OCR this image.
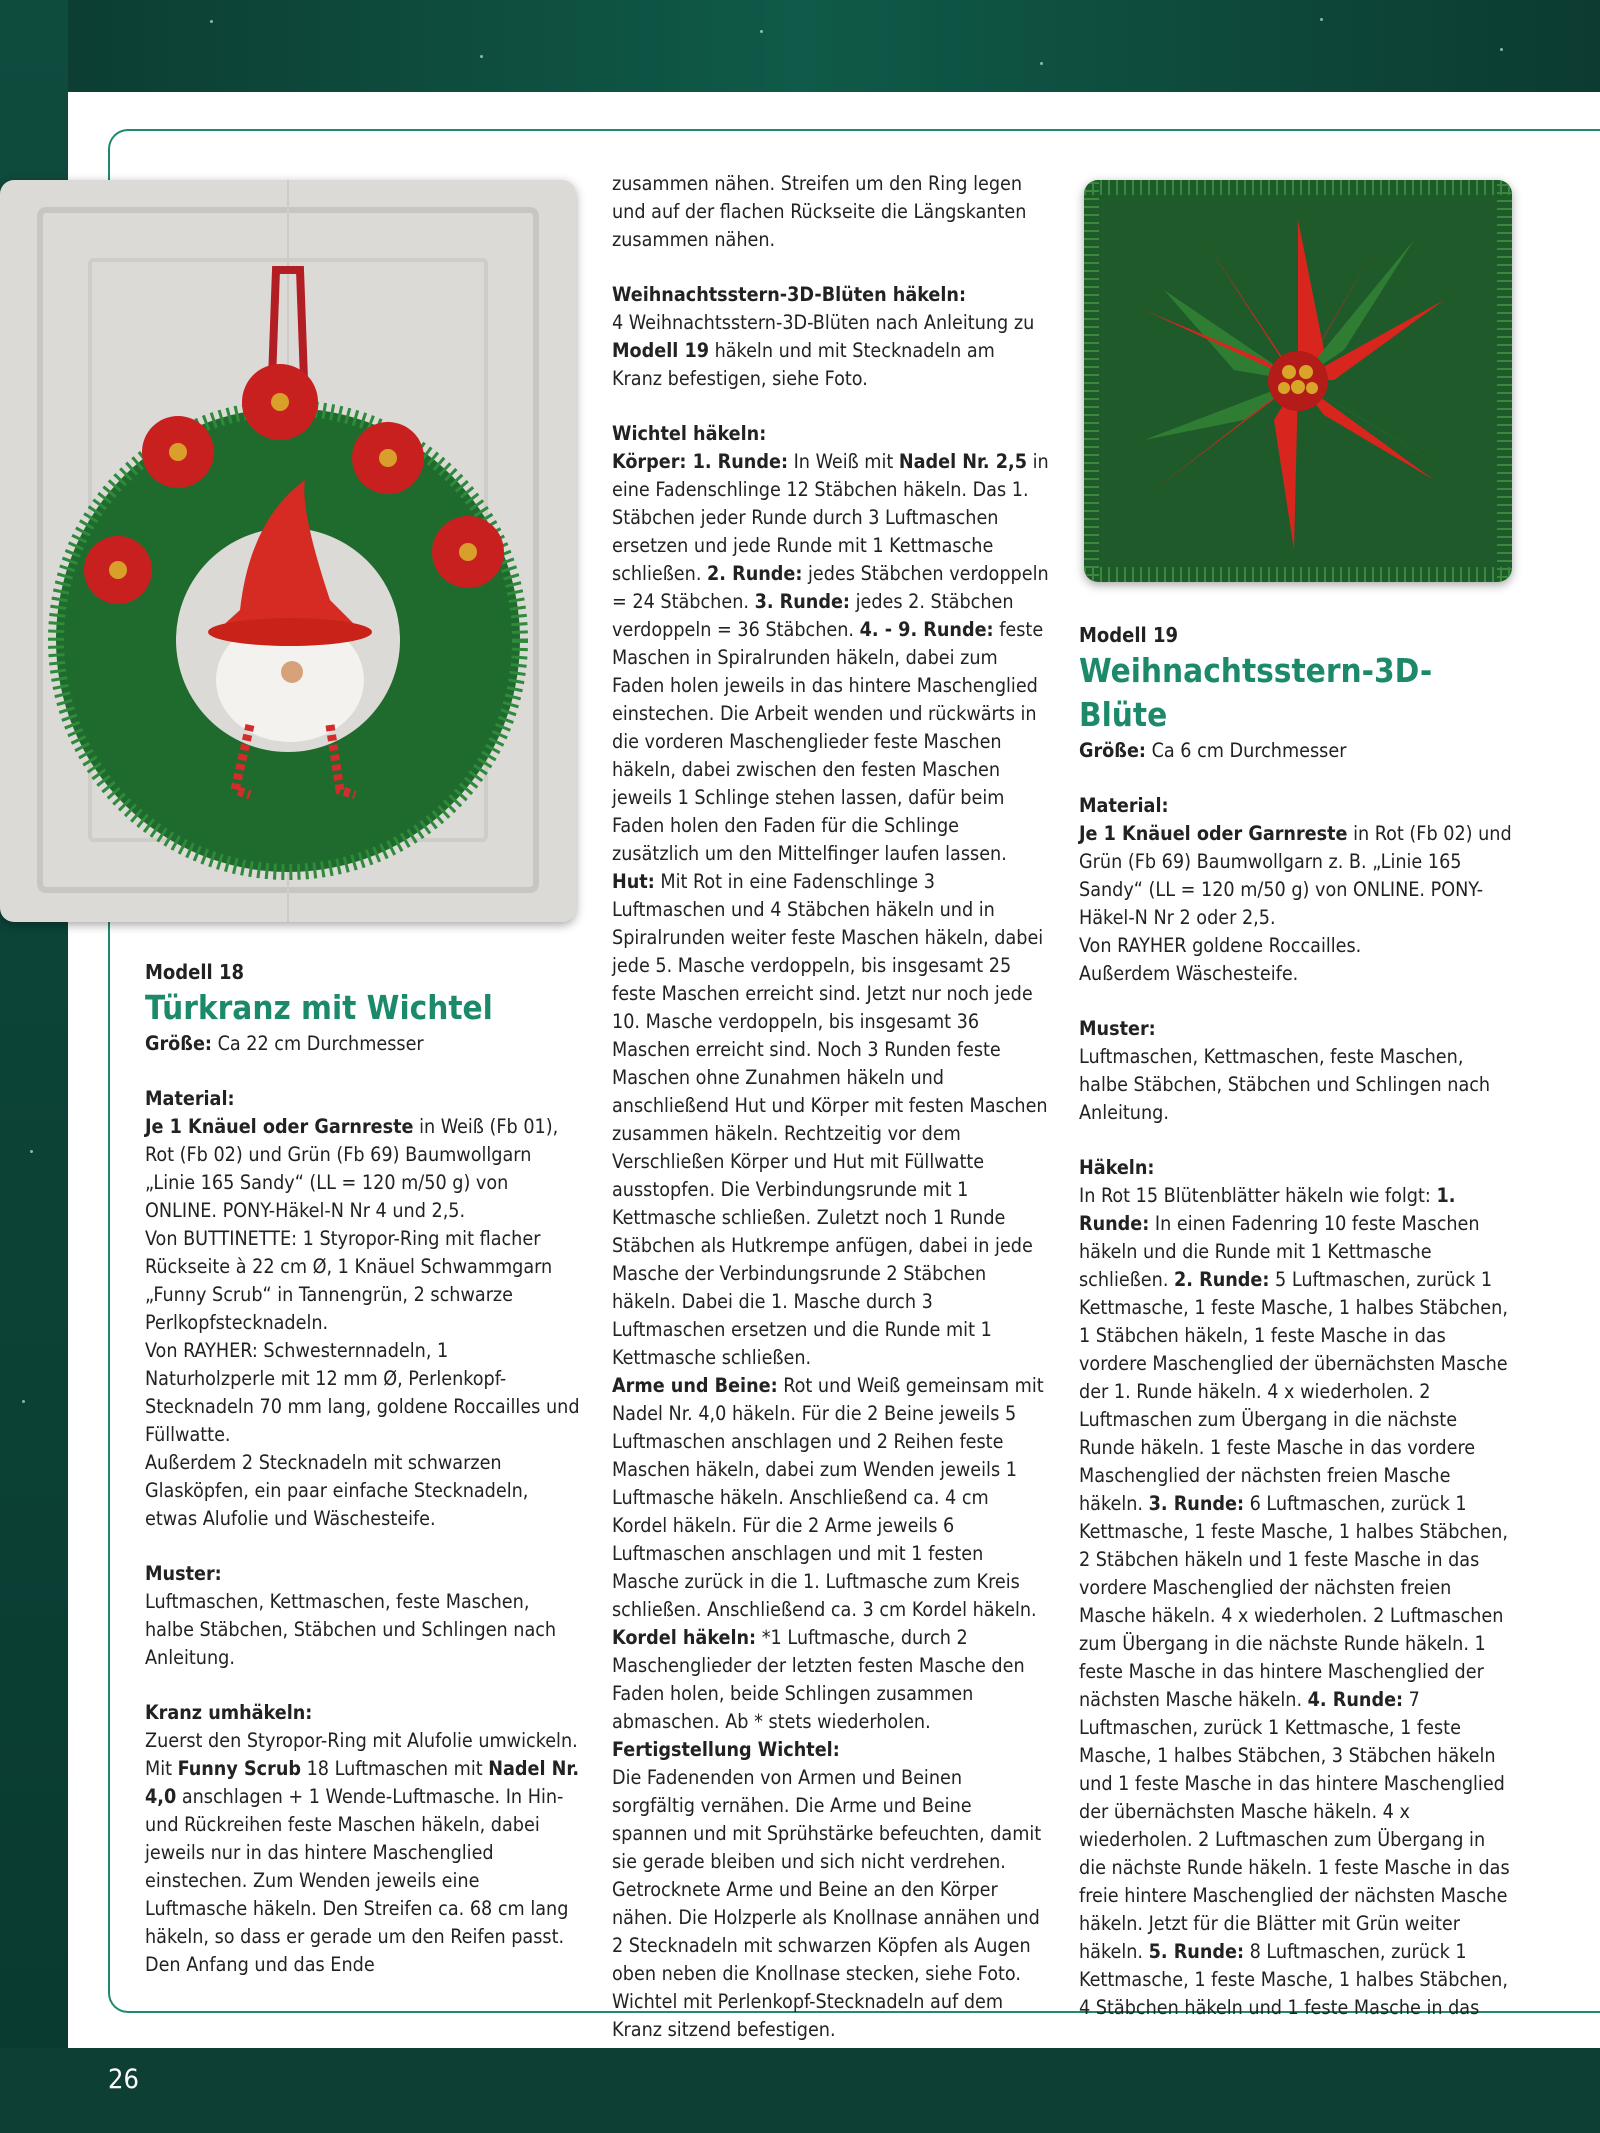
Modell 18

Türkranz mit Wichtel

Größe: Ca 22 cm Durchmesser

Material:

Je 1 Knäuel oder Garnreste in Weiß (Fb 01), Rot (Fb 02) und Grün (Fb 69) Baumwollgarn „Linie 165 Sandy“ (LL = 120 m/50 g) von ONLINE. PONY-Häkel-N Nr 4 und 2,5.

Von BUTTINETTE: 1 Styropor-Ring mit flacher Rückseite à 22 cm Ø, 1 Knäuel Schwammgarn „Funny Scrub“ in Tannengrün, 2 schwarze Perlkopfstecknadeln.

Von RAYHER: Schwesternnadeln, 1 Naturholzperle mit 12 mm Ø, Perlenkopf-Stecknadeln 70 mm lang, goldene Roccailles und Füllwatte.

Außerdem 2 Stecknadeln mit schwarzen Glasköpfen, ein paar einfache Stecknadeln, etwas Alufolie und Wäschesteife.

Muster:

Luftmaschen, Kettmaschen, feste Maschen, halbe Stäbchen, Stäbchen und Schlingen nach Anleitung.

Kranz umhäkeln:

Zuerst den Styropor-Ring mit Alufolie umwickeln. Mit Funny Scrub 18 Luftmaschen mit Nadel Nr. 4,0 anschlagen + 1 Wende-Luftmasche. In Hin- und Rückreihen feste Maschen häkeln, dabei jeweils nur in das hintere Maschenglied einstechen. Zum Wenden jeweils eine Luftmasche häkeln. Den Streifen ca. 68 cm lang häkeln, so dass er gerade um den Reifen passt. Den Anfang und das Ende

zusammen nähen. Streifen um den Ring legen und auf der flachen Rückseite die Längskanten zusammen nähen.

Weihnachtsstern-3D-Blüten häkeln:

4 Weihnachtsstern-3D-Blüten nach Anleitung zu Modell 19 häkeln und mit Stecknadeln am Kranz befestigen, siehe Foto.

Wichtel häkeln:

Körper: 1. Runde: In Weiß mit Nadel Nr. 2,5 in eine Fadenschlinge 12 Stäbchen häkeln. Das 1. Stäbchen jeder Runde durch 3 Luftmaschen ersetzen und jede Runde mit 1 Kettmasche schließen. 2. Runde: jedes Stäbchen verdoppeln = 24 Stäbchen. 3. Runde: jedes 2. Stäbchen verdoppeln = 36 Stäbchen. 4. - 9. Runde: feste Maschen in Spiralrunden häkeln, dabei zum Faden holen jeweils in das hintere Maschenglied einstechen. Die Arbeit wenden und rückwärts in die vorderen Maschenglieder feste Maschen häkeln, dabei zwischen den festen Maschen jeweils 1 Schlinge stehen lassen, dafür beim Faden holen den Faden für die Schlinge zusätzlich um den Mittelfinger laufen lassen.

Hut: Mit Rot in eine Fadenschlinge 3 Luftmaschen und 4 Stäbchen häkeln und in Spiralrunden weiter feste Maschen häkeln, dabei jede 5. Masche verdoppeln, bis insgesamt 25 feste Maschen erreicht sind. Jetzt nur noch jede 10. Masche verdoppeln, bis insgesamt 36 Maschen erreicht sind. Noch 3 Runden feste Maschen ohne Zunahmen häkeln und anschließend Hut und Körper mit festen Maschen zusammen häkeln. Rechtzeitig vor dem Verschließen Körper und Hut mit Füllwatte ausstopfen. Die Verbindungsrunde mit 1 Kettmasche schließen. Zuletzt noch 1 Runde Stäbchen als Hutkrempe anfügen, dabei in jede Masche der Verbindungsrunde 2 Stäbchen häkeln. Dabei die 1. Masche durch 3 Luftmaschen ersetzen und die Runde mit 1 Kettmasche schließen.

Arme und Beine: Rot und Weiß gemeinsam mit Nadel Nr. 4,0 häkeln. Für die 2 Beine jeweils 5 Luftmaschen anschlagen und 2 Reihen feste Maschen häkeln, dabei zum Wenden jeweils 1 Luftmasche häkeln. Anschließend ca. 4 cm Kordel häkeln. Für die 2 Arme jeweils 6 Luftmaschen anschlagen und mit 1 festen Masche zurück in die 1. Luftmasche zum Kreis schließen. Anschließend ca. 3 cm Kordel häkeln.

Kordel häkeln: *1 Luftmasche, durch 2 Maschenglieder der letzten festen Masche den Faden holen, beide Schlingen zusammen abmaschen. Ab * stets wiederholen.

Fertigstellung Wichtel:

Die Fadenenden von Armen und Beinen sorgfältig vernähen. Die Arme und Beine spannen und mit Sprühstärke befeuchten, damit sie gerade bleiben und sich nicht verdrehen. Getrocknete Arme und Beine an den Körper nähen. Die Holzperle als Knollnase annähen und 2 Stecknadeln mit schwarzen Köpfen als Augen oben neben die Knollnase stecken, siehe Foto. Wichtel mit Perlenkopf-Stecknadeln auf dem Kranz sitzend befestigen.

Modell 19

Weihnachtsstern-3D-Blüte

Größe: Ca 6 cm Durchmesser

Material:

Je 1 Knäuel oder Garnreste in Rot (Fb 02) und Grün (Fb 69) Baumwollgarn z. B. „Linie 165 Sandy“ (LL = 120 m/50 g) von ONLINE. PONY-Häkel-N Nr 2 oder 2,5.

Von RAYHER goldene Roccailles.

Außerdem Wäschesteife.

Muster:

Luftmaschen, Kettmaschen, feste Maschen, halbe Stäbchen, Stäbchen und Schlingen nach Anleitung.

Häkeln:

In Rot 15 Blütenblätter häkeln wie folgt: 1. Runde: In einen Fadenring 10 feste Maschen häkeln und die Runde mit 1 Kettmasche schließen. 2. Runde: 5 Luftmaschen, zurück 1 Kettmasche, 1 feste Masche, 1 halbes Stäbchen, 1 Stäbchen häkeln, 1 feste Masche in das vordere Maschenglied der übernächsten Masche der 1. Runde häkeln. 4 x wiederholen. 2 Luftmaschen zum Übergang in die nächste Runde häkeln. 1 feste Masche in das vordere Maschenglied der nächsten freien Masche häkeln. 3. Runde: 6 Luftmaschen, zurück 1 Kettmasche, 1 feste Masche, 1 halbes Stäbchen, 2 Stäbchen häkeln und 1 feste Masche in das vordere Maschenglied der nächsten freien Masche häkeln. 4 x wiederholen. 2 Luftmaschen zum Übergang in die nächste Runde häkeln. 1 feste Masche in das hintere Maschenglied der nächsten Masche häkeln. 4. Runde: 7 Luftmaschen, zurück 1 Kettmasche, 1 feste Masche, 1 halbes Stäbchen, 3 Stäbchen häkeln und 1 feste Masche in das hintere Maschenglied der übernächsten Masche häkeln. 4 x wiederholen. 2 Luftmaschen zum Übergang in die nächste Runde häkeln. 1 feste Masche in das freie hintere Maschenglied der nächsten Masche häkeln. Jetzt für die Blätter mit Grün weiter häkeln. 5. Runde: 8 Luftmaschen, zurück 1 Kettmasche, 1 feste Masche, 1 halbes Stäbchen, 4 Stäbchen häkeln und 1 feste Masche in das

26
